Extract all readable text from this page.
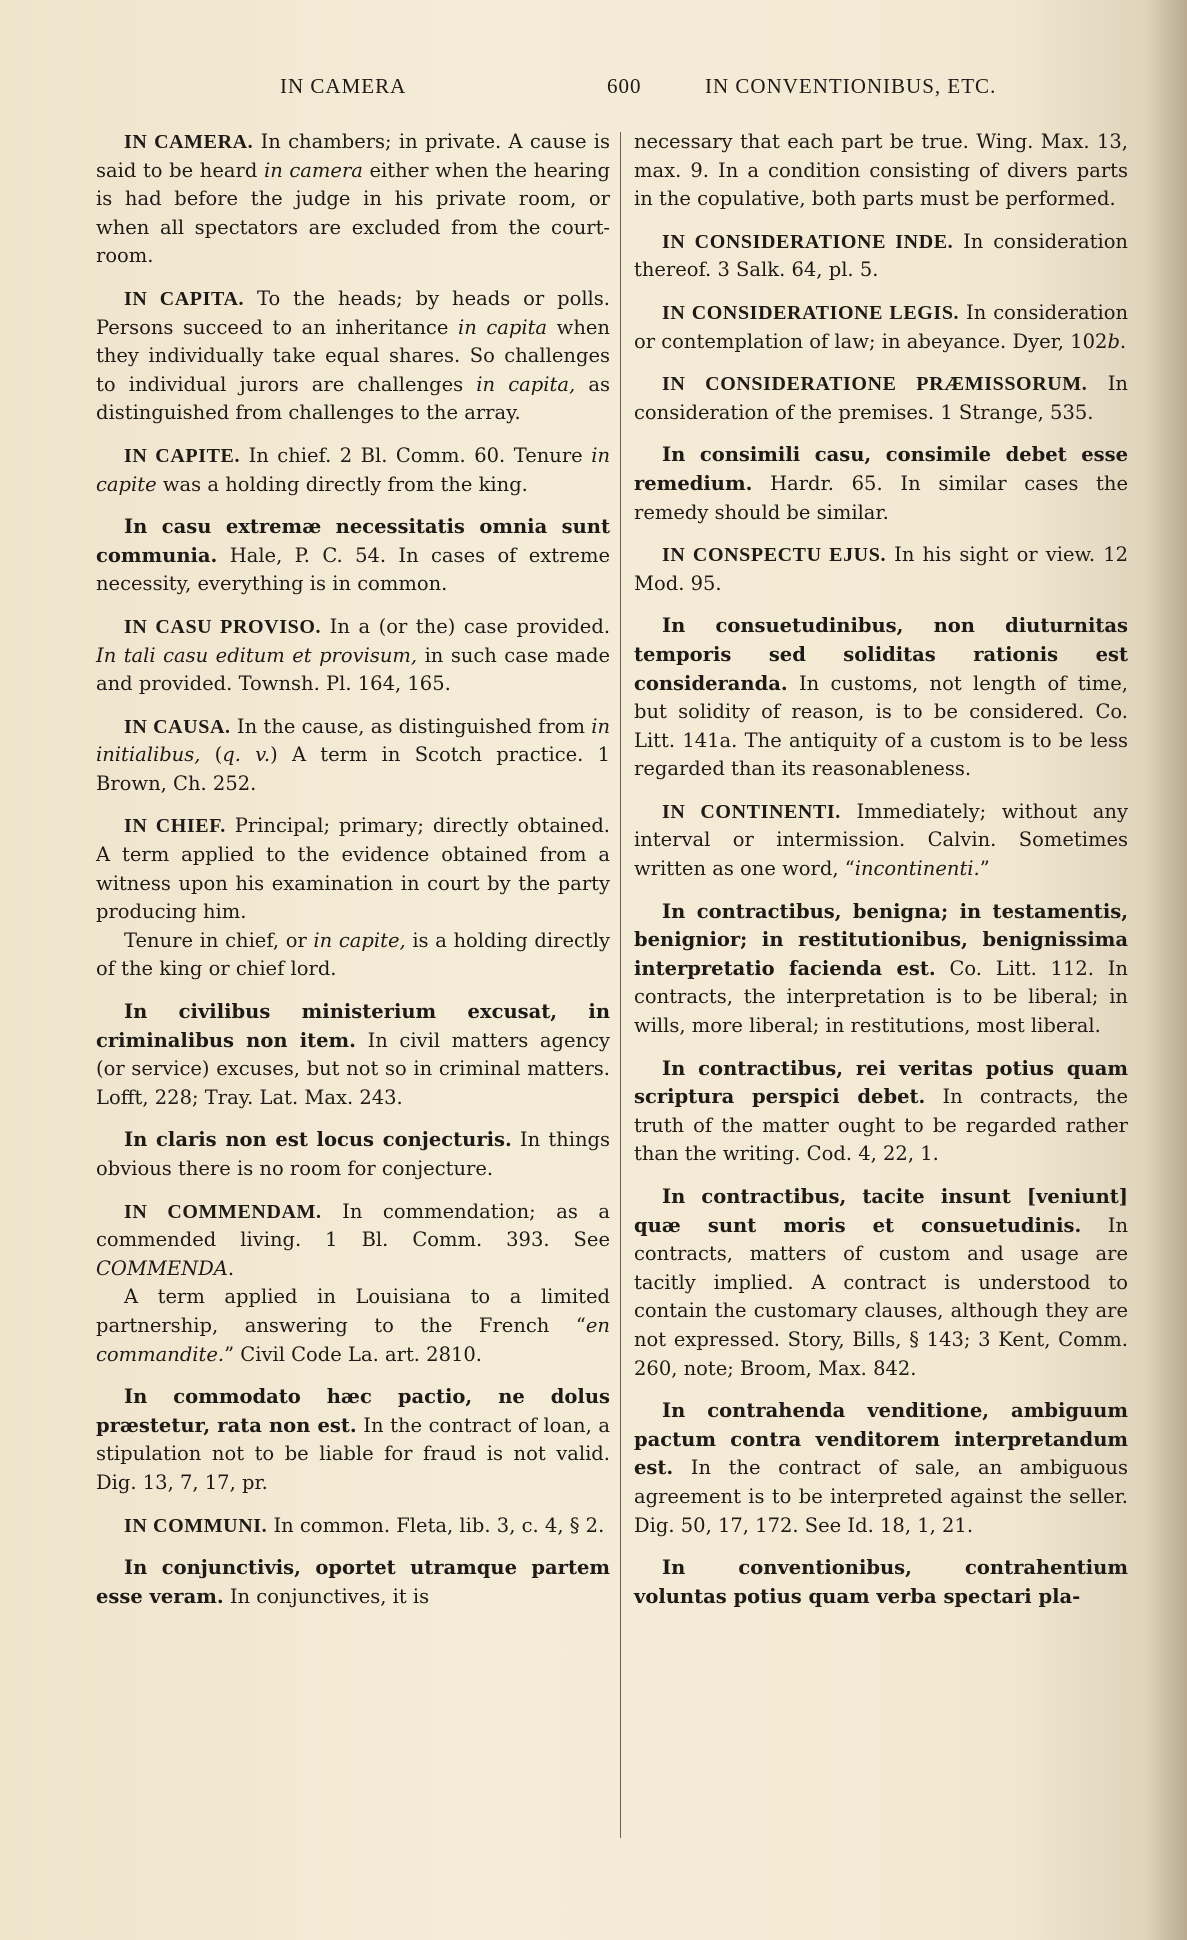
IN CAMERA	600	IN CONVENTIONIBUS, ETC.

IN CAMERA. In chambers; in private. A cause is said to be heard in camera either when the hearing is had before the judge in his private room, or when all spectators are excluded from the court-room.

IN CAPITA. To the heads; by heads or polls. Persons succeed to an inheritance in capita when they individually take equal shares. So challenges to individual jurors are challenges in capita, as distinguished from challenges to the array.

IN CAPITE. In chief. 2 Bl. Comm. 60. Tenure in capite was a holding directly from the king.

In casu extremæ necessitatis omnia sunt communia. Hale, P. C. 54. In cases of extreme necessity, everything is in common.

IN CASU PROVISO. In a (or the) case provided. In tali casu editum et provisum, in such case made and provided. Townsh. Pl. 164, 165.

IN CAUSA. In the cause, as distinguished from in initialibus, (q. v.) A term in Scotch practice. 1 Brown, Ch. 252.

IN CHIEF. Principal; primary; directly obtained. A term applied to the evidence obtained from a witness upon his examination in court by the party producing him.

Tenure in chief, or in capite, is a holding directly of the king or chief lord.

In civilibus ministerium excusat, in criminalibus non item. In civil matters agency (or service) excuses, but not so in criminal matters. Lofft, 228; Tray. Lat. Max. 243.

In claris non est locus conjecturis. In things obvious there is no room for conjecture.

IN COMMENDAM. In commendation; as a commended living. 1 Bl. Comm. 393. See COMMENDA.

A term applied in Louisiana to a limited partnership, answering to the French “en commandite.” Civil Code La. art. 2810.

In commodato hæc pactio, ne dolus præstetur, rata non est. In the contract of loan, a stipulation not to be liable for fraud is not valid. Dig. 13, 7, 17, pr.

IN COMMUNI. In common. Fleta, lib. 3, c. 4, § 2.

In conjunctivis, oportet utramque partem esse veram. In conjunctives, it is

necessary that each part be true. Wing. Max. 13, max. 9. In a condition consisting of divers parts in the copulative, both parts must be performed.

IN CONSIDERATIONE INDE. In consideration thereof. 3 Salk. 64, pl. 5.

IN CONSIDERATIONE LEGIS. In consideration or contemplation of law; in abeyance. Dyer, 102b.

IN CONSIDERATIONE PRÆMISSORUM. In consideration of the premises. 1 Strange, 535.

In consimili casu, consimile debet esse remedium. Hardr. 65. In similar cases the remedy should be similar.

IN CONSPECTU EJUS. In his sight or view. 12 Mod. 95.

In consuetudinibus, non diuturnitas temporis sed soliditas rationis est consideranda. In customs, not length of time, but solidity of reason, is to be considered. Co. Litt. 141a. The antiquity of a custom is to be less regarded than its reasonableness.

IN CONTINENTI. Immediately; without any interval or intermission. Calvin. Sometimes written as one word, “incontinenti.”

In contractibus, benigna; in testamentis, benignior; in restitutionibus, benignissima interpretatio facienda est. Co. Litt. 112. In contracts, the interpretation is to be liberal; in wills, more liberal; in restitutions, most liberal.

In contractibus, rei veritas potius quam scriptura perspici debet. In contracts, the truth of the matter ought to be regarded rather than the writing. Cod. 4, 22, 1.

In contractibus, tacite insunt [veniunt] quæ sunt moris et consuetudinis. In contracts, matters of custom and usage are tacitly implied. A contract is understood to contain the customary clauses, although they are not expressed. Story, Bills, § 143; 3 Kent, Comm. 260, note; Broom, Max. 842.

In contrahenda venditione, ambiguum pactum contra venditorem interpretandum est. In the contract of sale, an ambiguous agreement is to be interpreted against the seller. Dig. 50, 17, 172. See Id. 18, 1, 21.

In conventionibus, contrahentium voluntas potius quam verba spectari pla-
